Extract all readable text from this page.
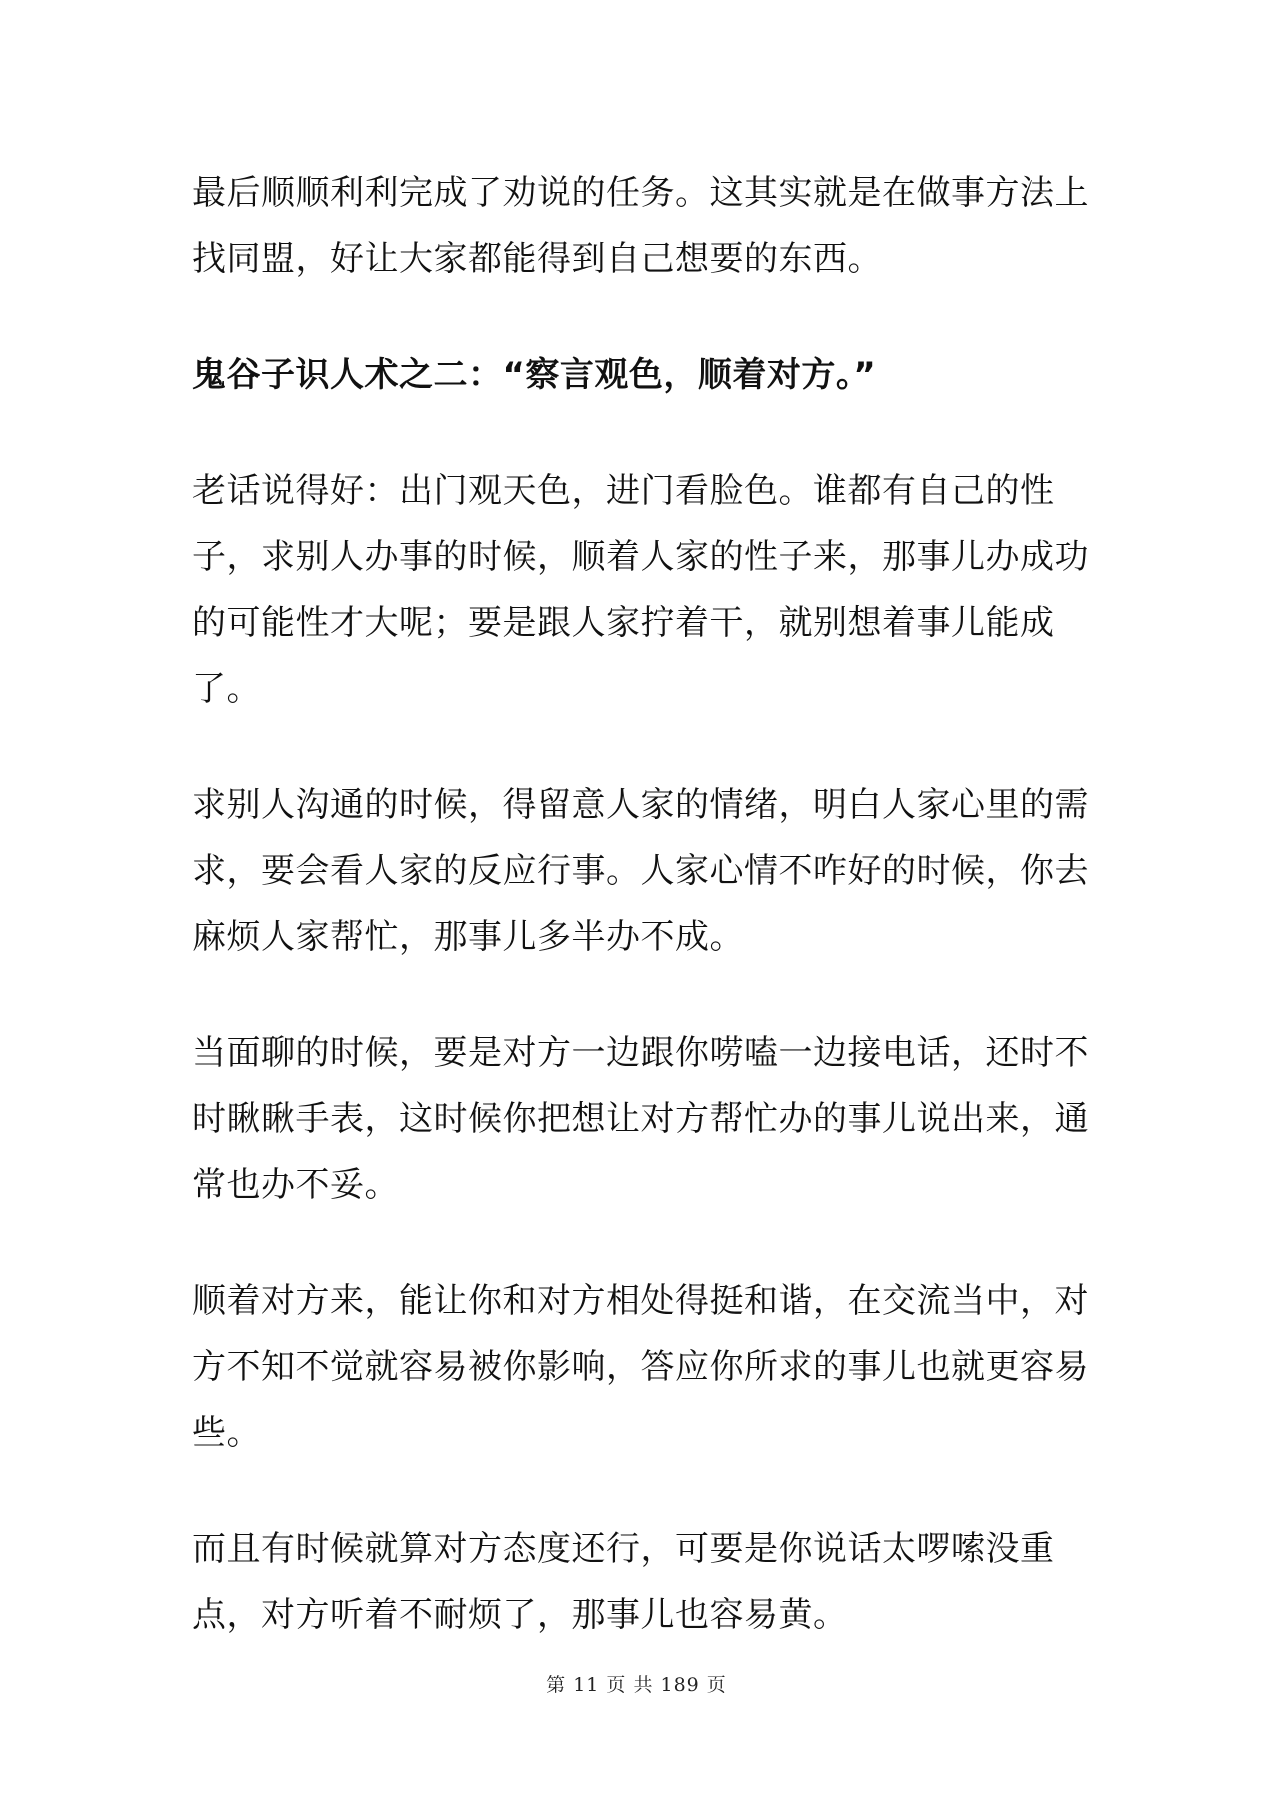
最后顺顺利利完成了劝说的任务。这其实就是在做事方法上找同盟，好让大家都能得到自己想要的东西。

鬼谷子识人术之二：“察言观色，顺着对方。”

老话说得好：出门观天色，进门看脸色。谁都有自己的性子，求别人办事的时候，顺着人家的性子来，那事儿办成功的可能性才大呢；要是跟人家拧着干，就别想着事儿能成了。

求别人沟通的时候，得留意人家的情绪，明白人家心里的需求，要会看人家的反应行事。人家心情不咋好的时候，你去麻烦人家帮忙，那事儿多半办不成。

当面聊的时候，要是对方一边跟你唠嗑一边接电话，还时不时瞅瞅手表，这时候你把想让对方帮忙办的事儿说出来，通常也办不妥。

顺着对方来，能让你和对方相处得挺和谐，在交流当中，对方不知不觉就容易被你影响，答应你所求的事儿也就更容易些。

而且有时候就算对方态度还行，可要是你说话太啰嗦没重点，对方听着不耐烦了，那事儿也容易黄。

第 11 页 共 189 页
